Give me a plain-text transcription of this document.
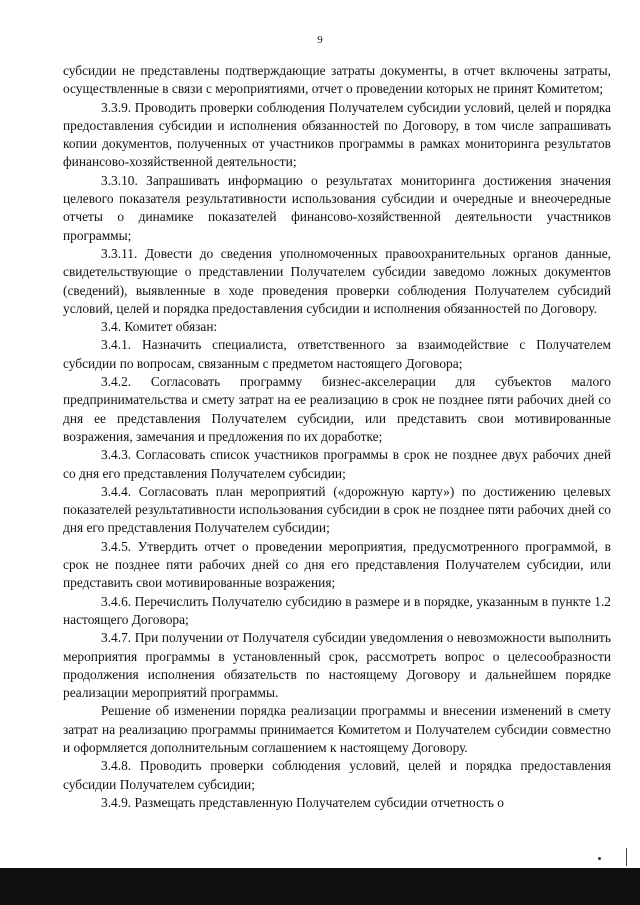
9

субсидии не представлены подтверждающие затраты документы, в отчет включены затраты, осуществленные в связи с мероприятиями, отчет о проведении которых не принят Комитетом;

3.3.9. Проводить проверки соблюдения Получателем субсидии условий, целей и порядка предоставления субсидии и исполнения обязанностей по Договору, в том числе запрашивать копии документов, полученных от участников программы в рамках мониторинга результатов финансово-хозяйственной деятельности;

3.3.10. Запрашивать информацию о результатах мониторинга достижения значения целевого показателя результативности использования субсидии и очередные и внеочередные отчеты о динамике показателей финансово-хозяйственной деятельности участников программы;

3.3.11. Довести до сведения уполномоченных правоохранительных органов данные, свидетельствующие о представлении Получателем субсидии заведомо ложных документов (сведений), выявленные в ходе проведения проверки соблюдения Получателем субсидий условий, целей и порядка предоставления субсидии и исполнения обязанностей по Договору.

3.4. Комитет обязан:

3.4.1. Назначить специалиста, ответственного за взаимодействие с Получателем субсидии по вопросам, связанным с предметом настоящего Договора;

3.4.2. Согласовать программу бизнес-акселерации для субъектов малого предпринимательства и смету затрат на ее реализацию в срок не позднее пяти рабочих дней со дня ее представления Получателем субсидии, или представить свои мотивированные возражения, замечания и предложения по их доработке;

3.4.3. Согласовать список участников программы в срок не позднее двух рабочих дней со дня его представления Получателем субсидии;

3.4.4. Согласовать план мероприятий («дорожную карту») по достижению целевых показателей результативности использования субсидии в срок не позднее пяти рабочих дней со дня его представления Получателем субсидии;

3.4.5. Утвердить отчет о проведении мероприятия, предусмотренного программой, в срок не позднее пяти рабочих дней со дня его представления Получателем субсидии, или представить свои мотивированные возражения;

3.4.6. Перечислить Получателю субсидию в размере и в порядке, указанным в пункте 1.2 настоящего Договора;

3.4.7. При получении от Получателя субсидии уведомления о невозможности выполнить мероприятия программы в установленный срок, рассмотреть вопрос о целесообразности продолжения исполнения обязательств по настоящему Договору и дальнейшем порядке реализации мероприятий программы.

Решение об изменении порядка реализации программы и внесении изменений в смету затрат на реализацию программы принимается Комитетом и Получателем субсидии совместно и оформляется дополнительным соглашением к настоящему Договору.

3.4.8. Проводить проверки соблюдения условий, целей и порядка предоставления субсидии Получателем субсидии;

3.4.9. Размещать представленную Получателем субсидии отчетность о
